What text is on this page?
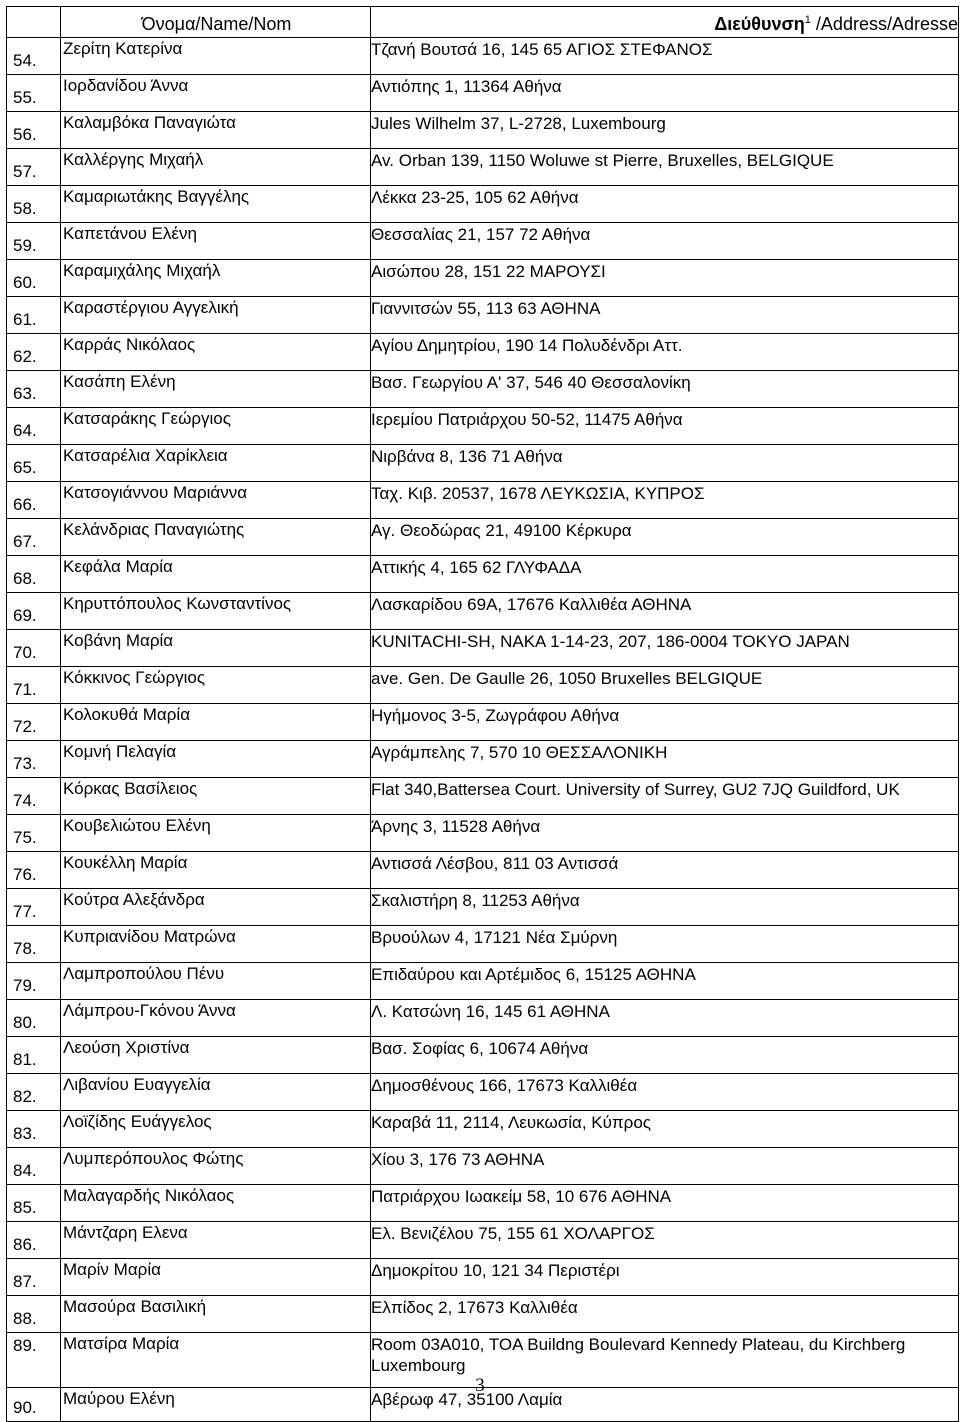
	Όνομα/Name/Nom	Διεύθυνση$^1$ /Address/Adresse
54.	Ζερίτη Κατερίνα	Τζανή Βουτσά 16, 145 65 ΑΓΙΟΣ ΣΤΕΦΑΝΟΣ
55.	Ιορδανίδου Άννα	Αντιόπης 1, 11364 Αθήνα
56.	Καλαμβόκα Παναγιώτα	Jules Wilhelm 37, L-2728, Luxembourg
57.	Καλλέργης Μιχαήλ	Av. Orban 139, 1150 Woluwe st Pierre, Bruxelles, BELGIQUE
58.	Καμαριωτάκης Βαγγέλης	Λέκκα 23-25, 105 62 Αθήνα
59.	Καπετάνου Ελένη	Θεσσαλίας 21, 157 72 Αθήνα
60.	Καραμιχάλης Μιχαήλ	Αισώπου 28, 151 22 ΜΑΡΟΥΣΙ
61.	Καραστέργιου Αγγελική	Γιαννιτσών 55, 113 63 ΑΘΗΝΑ
62.	Καρράς Νικόλαος	Αγίου Δημητρίου, 190 14 Πολυδένδρι Αττ.
63.	Κασάπη Ελένη	Βασ. Γεωργίου Α' 37, 546 40 Θεσσαλονίκη
64.	Κατσαράκης Γεώργιος	Ιερεμίου Πατριάρχου 50-52, 11475 Αθήνα
65.	Κατσαρέλια Χαρίκλεια	Νιρβάνα 8, 136 71 Αθήνα
66.	Κατσογιάννου Μαριάννα	Ταχ. Κιβ. 20537, 1678 ΛΕΥΚΩΣΙΑ, ΚΥΠΡΟΣ
67.	Κελάνδριας Παναγιώτης	Αγ. Θεοδώρας 21, 49100 Κέρκυρα
68.	Κεφάλα Μαρία	Αττικής 4, 165 62 ΓΛΥΦΑΔΑ
69.	Κηρυττόπουλος Κωνσταντίνος	Λασκαρίδου 69Α, 17676 Καλλιθέα ΑΘΗΝΑ
70.	Κοβάνη Μαρία	KUNITACHI-SH, NAKA 1-14-23, 207, 186-0004 TOKYO JAPAN
71.	Κόκκινος Γεώργιος	ave. Gen. De Gaulle 26, 1050 Bruxelles BELGIQUE
72.	Κολοκυθά Μαρία	Ηγήμονος 3-5, Ζωγράφου Αθήνα
73.	Κομνή Πελαγία	Αγράμπελης 7, 570 10 ΘΕΣΣΑΛΟΝΙΚΗ
74.	Κόρκας Βασίλειος	Flat 340,Battersea Court. University of Surrey, GU2 7JQ Guildford, UK
75.	Κουβελιώτου Ελένη	Άρνης 3, 11528 Αθήνα
76.	Κουκέλλη Μαρία	Αντισσά Λέσβου, 811 03 Αντισσά
77.	Κούτρα Αλεξάνδρα	Σκαλιστήρη 8, 11253 Αθήνα
78.	Κυπριανίδου Ματρώνα	Βρυούλων 4, 17121 Νέα Σμύρνη
79.	Λαμπροπούλου Πένυ	Επιδαύρου και Αρτέμιδος 6, 15125 ΑΘΗΝΑ
80.	Λάμπρου-Γκόνου Άννα	Λ. Κατσώνη 16, 145 61 ΑΘΗΝΑ
81.	Λεούση Χριστίνα	Βασ. Σοφίας 6, 10674 Αθήνα
82.	Λιβανίου Ευαγγελία	Δημοσθένους 166, 17673 Καλλιθέα
83.	Λοϊζίδης Ευάγγελος	Καραβά 11, 2114, Λευκωσία, Κύπρος
84.	Λυμπερόπουλος Φώτης	Χίου 3, 176 73 ΑΘΗΝΑ
85.	Μαλαγαρδής Νικόλαος	Πατριάρχου Ιωακείμ 58, 10 676 ΑΘΗΝΑ
86.	Μάντζαρη Ελενα	Ελ. Βενιζέλου 75, 155 61 ΧΟΛΑΡΓΟΣ
87.	Μαρίν Μαρία	Δημοκρίτου 10, 121 34 Περιστέρι
88.	Μασούρα Βασιλική	Ελπίδος 2, 17673 Καλλιθέα
89.	Ματσίρα Μαρία	Room 03A010, TOA Buildng Boulevard Kennedy Plateau, du Kirchberg Luxembourg
90.	Μαύρου Ελένη	Αβέρωφ 47, 35100 Λαμία
3
